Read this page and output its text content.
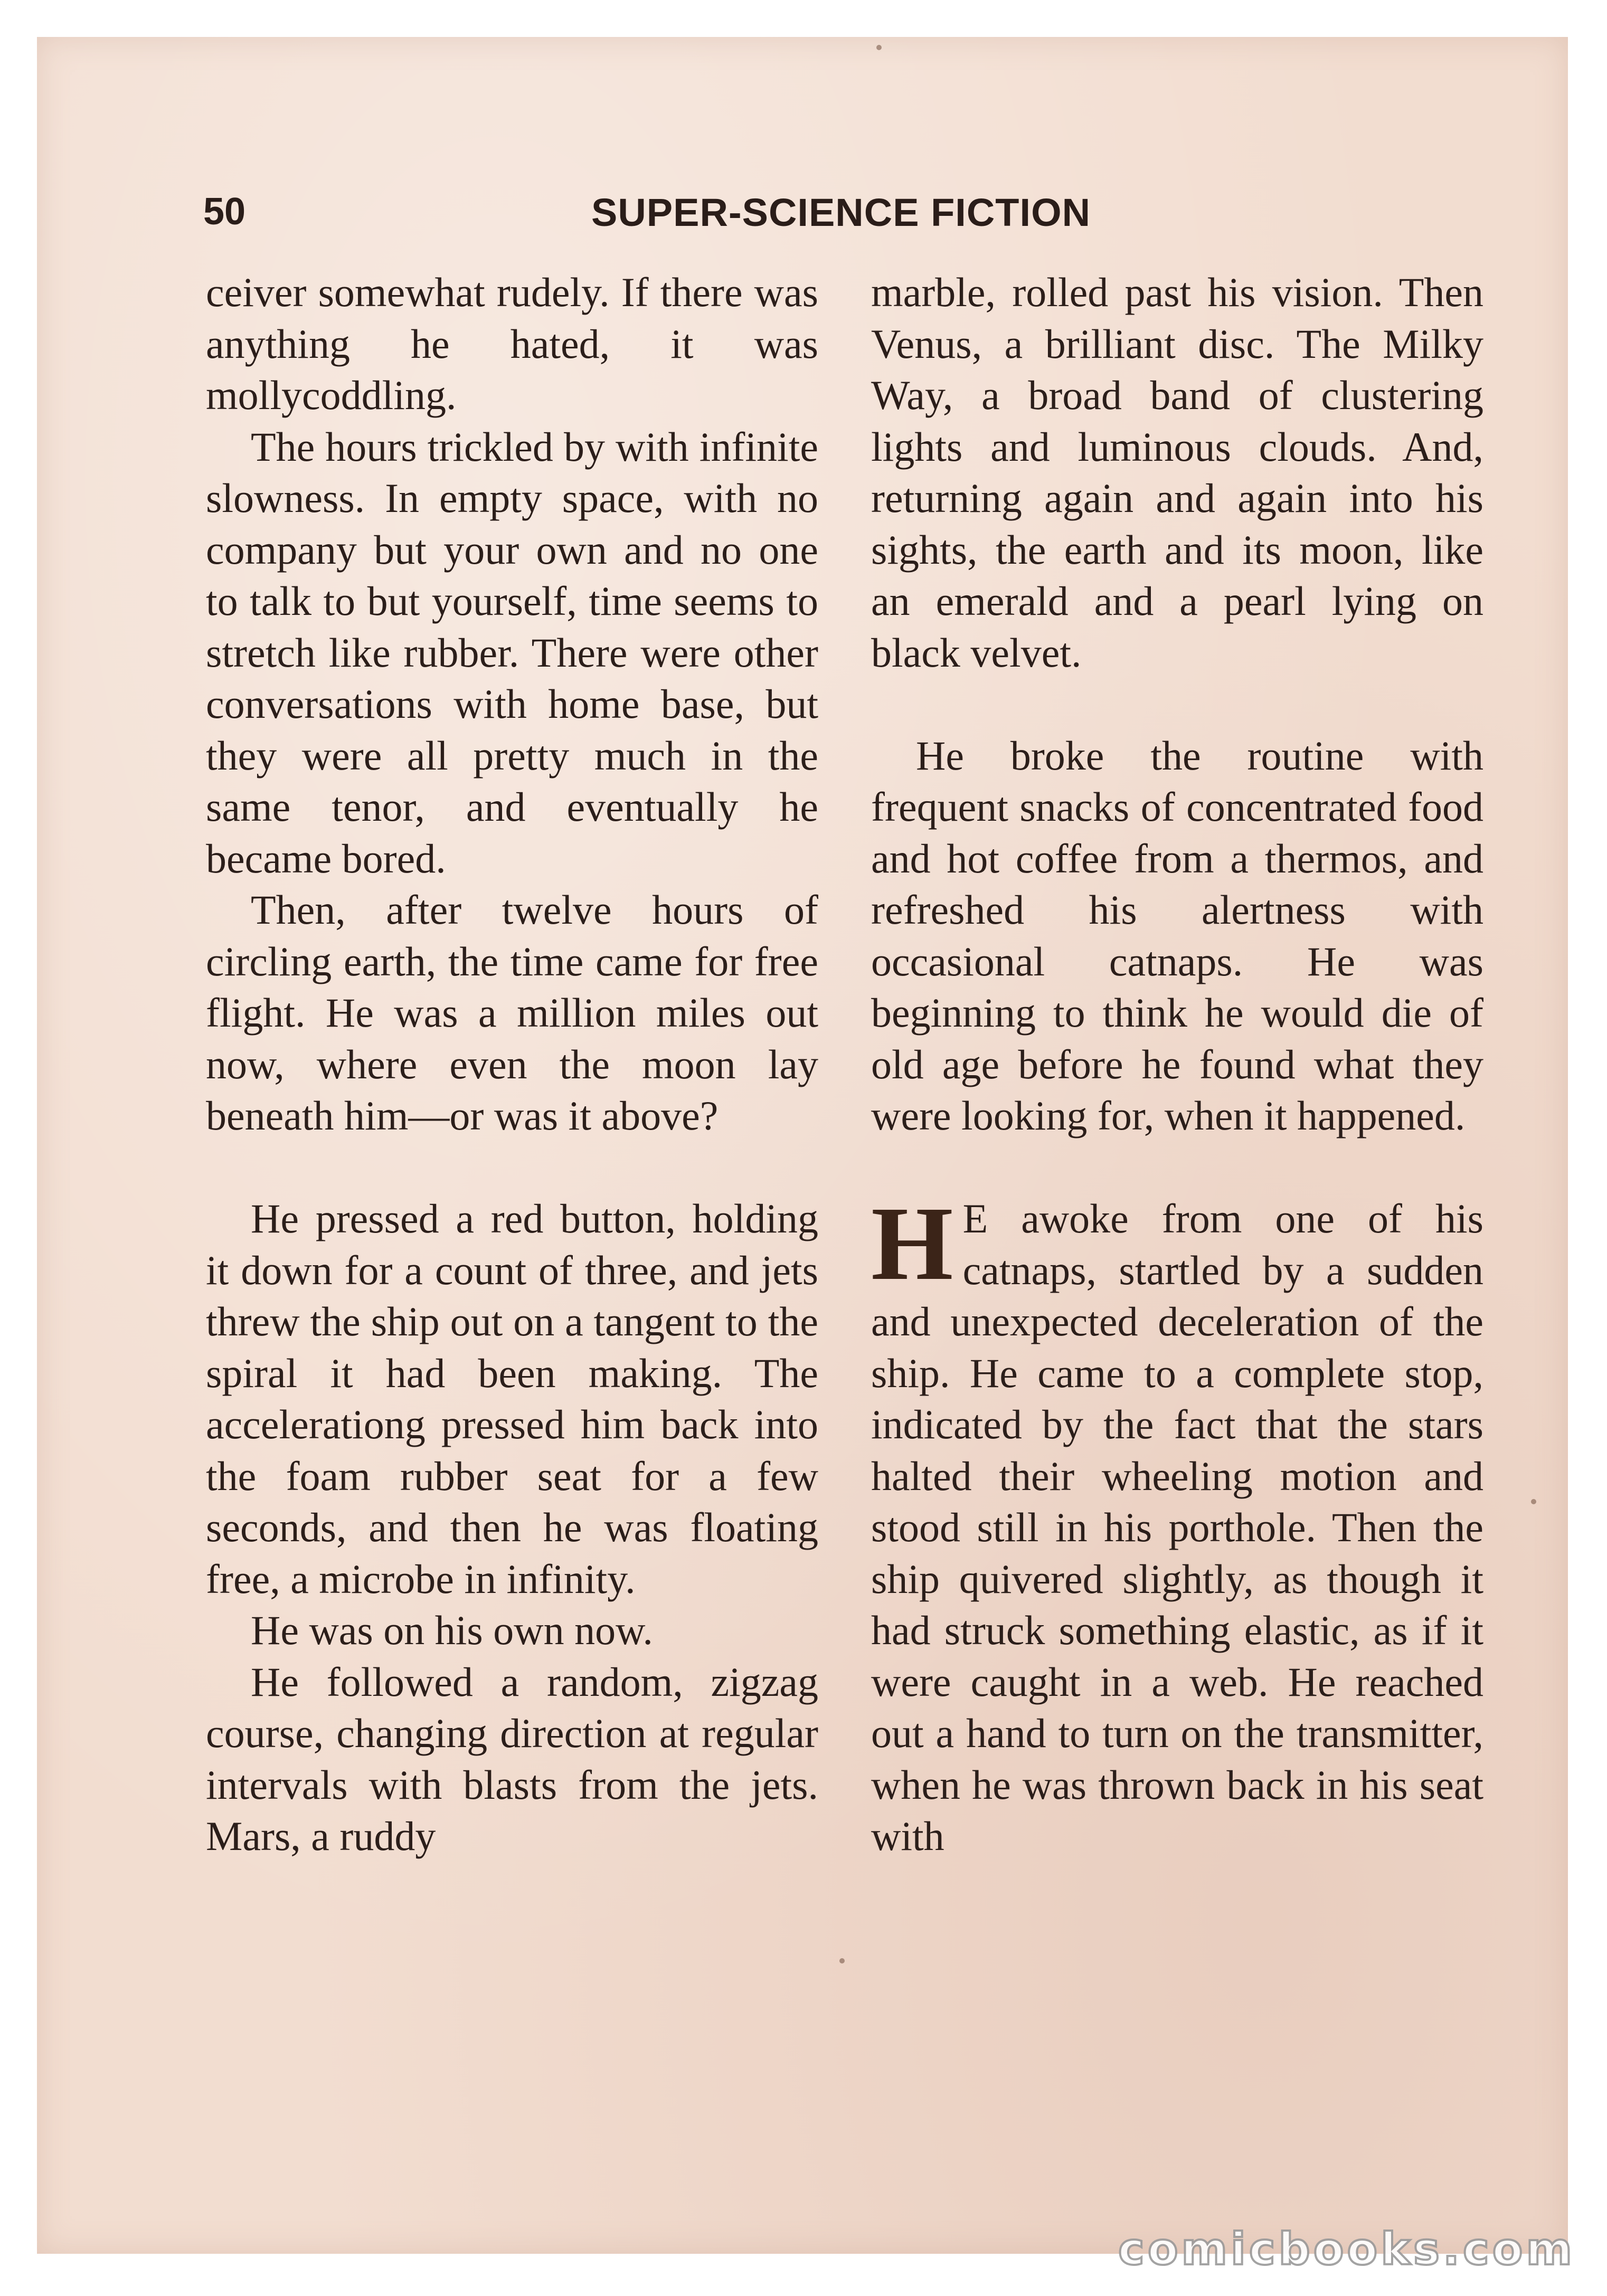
50	SUPER-SCIENCE FICTION

ceiver somewhat rudely. If there was anything he hated, it was mollycoddling.

The hours trickled by with infinite slowness. In empty space, with no company but your own and no one to talk to but yourself, time seems to stretch like rubber. There were other conversations with home base, but they were all pretty much in the same tenor, and eventually he became bored.

Then, after twelve hours of circling earth, the time came for free flight. He was a million miles out now, where even the moon lay beneath him—or was it above?

He pressed a red button, holding it down for a count of three, and jets threw the ship out on a tangent to the spiral it had been making. The accelerationg pressed him back into the foam rubber seat for a few seconds, and then he was floating free, a microbe in infinity.

He was on his own now.

He followed a random, zigzag course, changing direction at regular intervals with blasts from the jets. Mars, a ruddy

marble, rolled past his vision. Then Venus, a brilliant disc. The Milky Way, a broad band of clustering lights and luminous clouds. And, returning again and again into his sights, the earth and its moon, like an emerald and a pearl lying on black velvet.

He broke the routine with frequent snacks of concentrated food and hot coffee from a thermos, and refreshed his alertness with occasional catnaps. He was beginning to think he would die of old age before he found what they were looking for, when it happened.

H E awoke from one of his catnaps, startled by a sudden and unexpected deceleration of the ship. He came to a complete stop, indicated by the fact that the stars halted their wheeling motion and stood still in his porthole. Then the ship quivered slightly, as though it had struck something elastic, as if it were caught in a web. He reached out a hand to turn on the transmitter, when he was thrown back in his seat with

comicbooks.com
